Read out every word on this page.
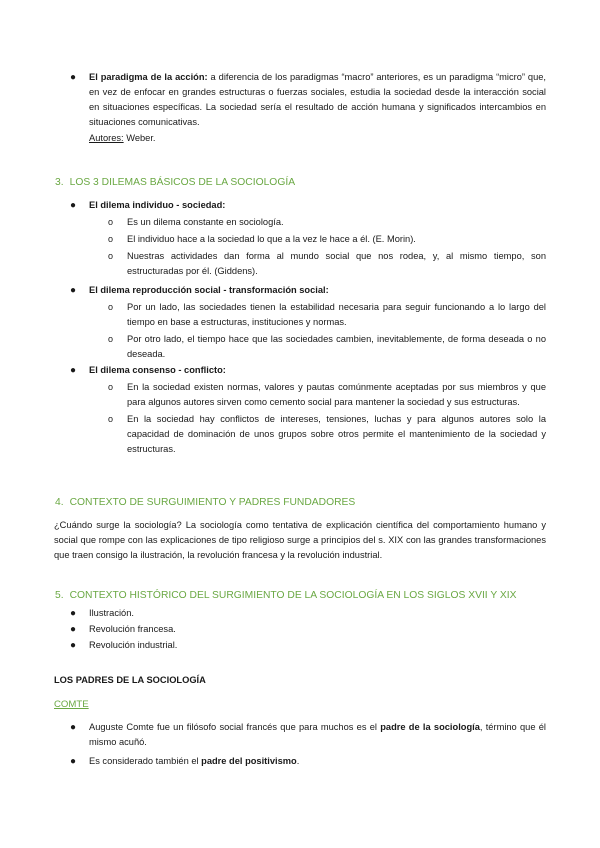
● El paradigma de la acción: a diferencia de los paradigmas “macro” anteriores, es un paradigma “micro” que, en vez de enfocar en grandes estructuras o fuerzas sociales, estudia la sociedad desde la interacción social en situaciones específicas. La sociedad sería el resultado de acción humana y significados intercambios en situaciones comunicativas.
Autores: Weber.
3. LOS 3 DILEMAS BÁSICOS DE LA SOCIOLOGÍA
● El dilema individuo - sociedad:
o Es un dilema constante en sociología.
o El individuo hace a la sociedad lo que a la vez le hace a él. (E. Morin).
o Nuestras actividades dan forma al mundo social que nos rodea, y, al mismo tiempo, son estructuradas por él. (Giddens).
● El dilema reproducción social - transformación social:
o Por un lado, las sociedades tienen la estabilidad necesaria para seguir funcionando a lo largo del tiempo en base a estructuras, instituciones y normas.
o Por otro lado, el tiempo hace que las sociedades cambien, inevitablemente, de forma deseada o no deseada.
● El dilema consenso - conflicto:
o En la sociedad existen normas, valores y pautas comúnmente aceptadas por sus miembros y que para algunos autores sirven como cemento social para mantener la sociedad y sus estructuras.
o En la sociedad hay conflictos de intereses, tensiones, luchas y para algunos autores solo la capacidad de dominación de unos grupos sobre otros permite el mantenimiento de la sociedad y estructuras.
4. CONTEXTO DE SURGUIMIENTO Y PADRES FUNDADORES
¿Cuándo surge la sociología? La sociología como tentativa de explicación científica del comportamiento humano y social que rompe con las explicaciones de tipo religioso surge a principios del s. XIX con las grandes transformaciones que traen consigo la ilustración, la revolución francesa y la revolución industrial.
5. CONTEXTO HISTÓRICO DEL SURGIMIENTO DE LA SOCIOLOGÍA EN LOS SIGLOS XVII Y XIX
● Ilustración.
● Revolución francesa.
● Revolución industrial.
LOS PADRES DE LA SOCIOLOGÍA
COMTE
● Auguste Comte fue un filósofo social francés que para muchos es el padre de la sociología, término que él mismo acuñó.
● Es considerado también el padre del positivismo.
